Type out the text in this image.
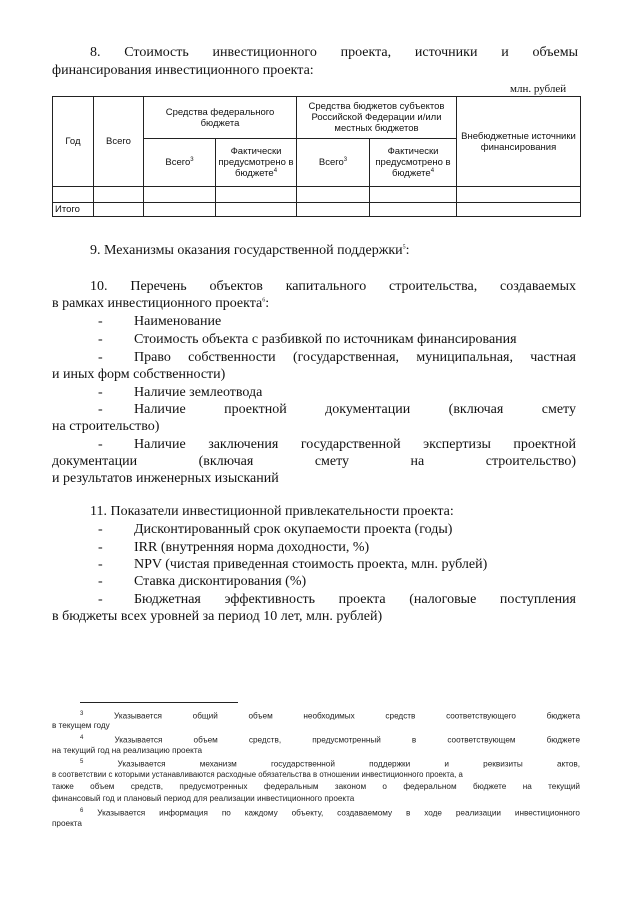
8. Стоимость инвестиционного проекта, источники и объемы
финансирования инвестиционного проекта:
млн. рублей
Год	Всего	Средства федерального бюджета		Средства бюджетов субъектов Российской Федерации и/или местных бюджетов		Внебюджетные источники финансирования
		Всего$^3$	Фактически предусмотрено в бюджете$^4$	Всего$^3$	Фактически предусмотрено в бюджете$^4$

Итого						
9. Механизмы оказания государственной поддержки$^5$:
10. Перечень объектов капитального строительства, создаваемых
в рамках инвестиционного проекта$^6$:
- Наименование
- Стоимость объекта с разбивкой по источникам финансирования
- Право собственности (государственная, муниципальная, частная
и иных форм собственности)
- Наличие землеотвода
- Наличие проектной документации (включая смету
на строительство)
- Наличие заключения государственной экспертизы проектной
документации (включая смету на строительство)
и результатов инженерных изысканий
11. Показатели инвестиционной привлекательности проекта:
- Дисконтированный срок окупаемости проекта (годы)
- IRR (внутренняя норма доходности, %)
- NPV (чистая приведенная стоимость проекта, млн. рублей)
- Ставка дисконтирования (%)
- Бюджетная эффективность проекта (налоговые поступления
в бюджеты всех уровней за период 10 лет, млн. рублей)
$^3$	Указывается общий объем необходимых средств соответствующего бюджета
в текущем году
$^4$	Указывается объем средств, предусмотренный в соответствующем бюджете
на текущий год на реализацию проекта
$^5$	Указывается механизм государственной поддержки и реквизиты актов,
в соответствии с которыми устанавливаются расходные обязательства в отношении инвестиционного проекта, а
также объем средств, предусмотренных федеральным законом о федеральном бюджете на текущий
финансовый год и плановый период для реализации инвестиционного проекта
$^6$ Указывается информация по каждому объекту, создаваемому в ходе реализации инвестиционного
проекта
